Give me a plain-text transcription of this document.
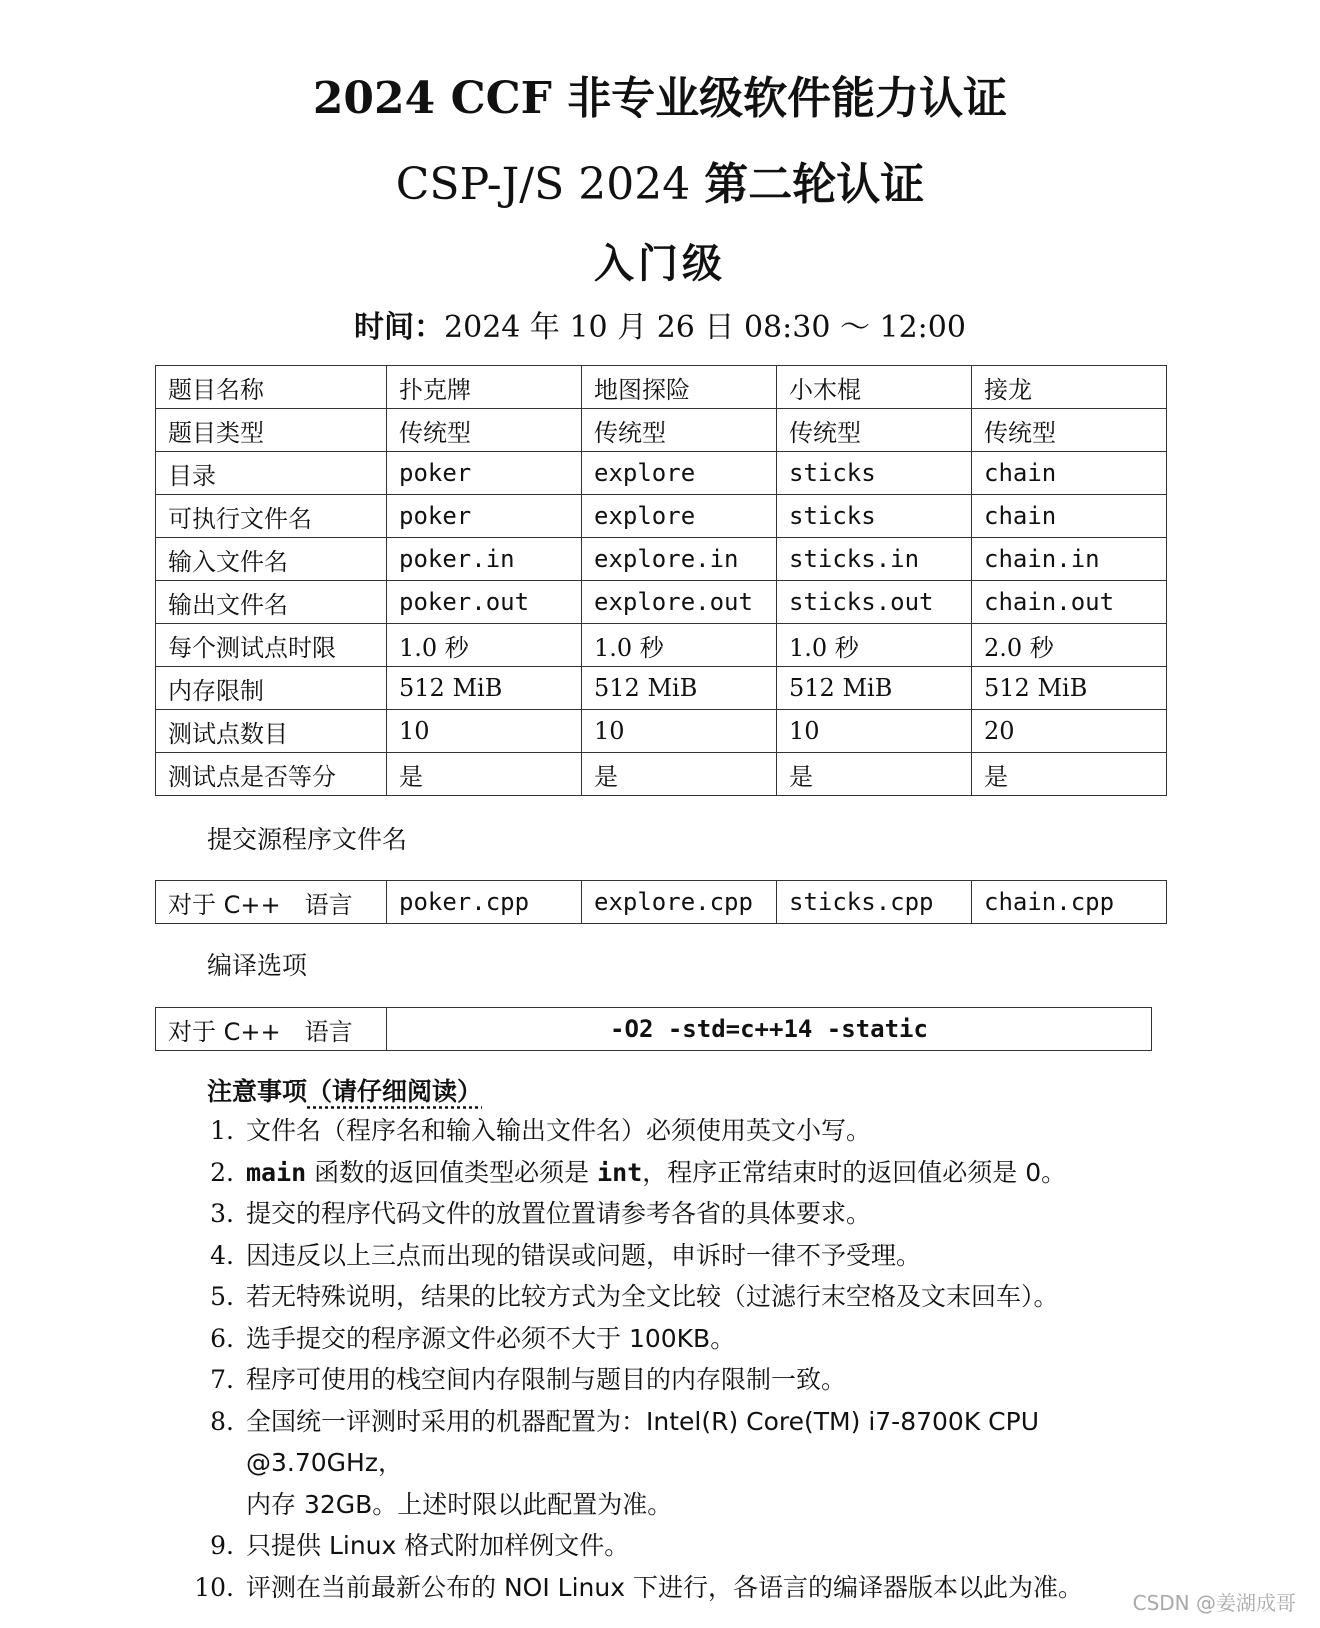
2024 CCF 非专业级软件能力认证
CSP-J/S 2024 第二轮认证
入门级
时间：2024 年 10 月 26 日 08:30 ～ 12:00
题目名称	扑克牌	地图探险	小木棍	接龙
题目类型	传统型	传统型	传统型	传统型
目录	poker	explore	sticks	chain
可执行文件名	poker	explore	sticks	chain
输入文件名	poker.in	explore.in	sticks.in	chain.in
输出文件名	poker.out	explore.out	sticks.out	chain.out
每个测试点时限	1.0 秒	1.0 秒	1.0 秒	2.0 秒
内存限制	512 MiB	512 MiB	512 MiB	512 MiB
测试点数目	10	10	10	20
测试点是否等分	是	是	是	是
提交源程序文件名
对于 C++　语言	poker.cpp	explore.cpp	sticks.cpp	chain.cpp
编译选项
对于 C++　语言	-O2 -std=c++14 -static
注意事项（请仔细阅读）
1. 文件名（程序名和输入输出文件名）必须使用英文小写。
2. main 函数的返回值类型必须是 int，程序正常结束时的返回值必须是 0。
3. 提交的程序代码文件的放置位置请参考各省的具体要求。
4. 因违反以上三点而出现的错误或问题，申诉时一律不予受理。
5. 若无特殊说明，结果的比较方式为全文比较（过滤行末空格及文末回车）。
6. 选手提交的程序源文件必须不大于 100KB。
7. 程序可使用的栈空间内存限制与题目的内存限制一致。
8. 全国统一评测时采用的机器配置为：Intel(R) Core(TM) i7-8700K CPU @3.70GHz，
内存 32GB。上述时限以此配置为准。
9. 只提供 Linux 格式附加样例文件。
10. 评测在当前最新公布的 NOI Linux 下进行，各语言的编译器版本以此为准。
CSDN @姜湖成哥
